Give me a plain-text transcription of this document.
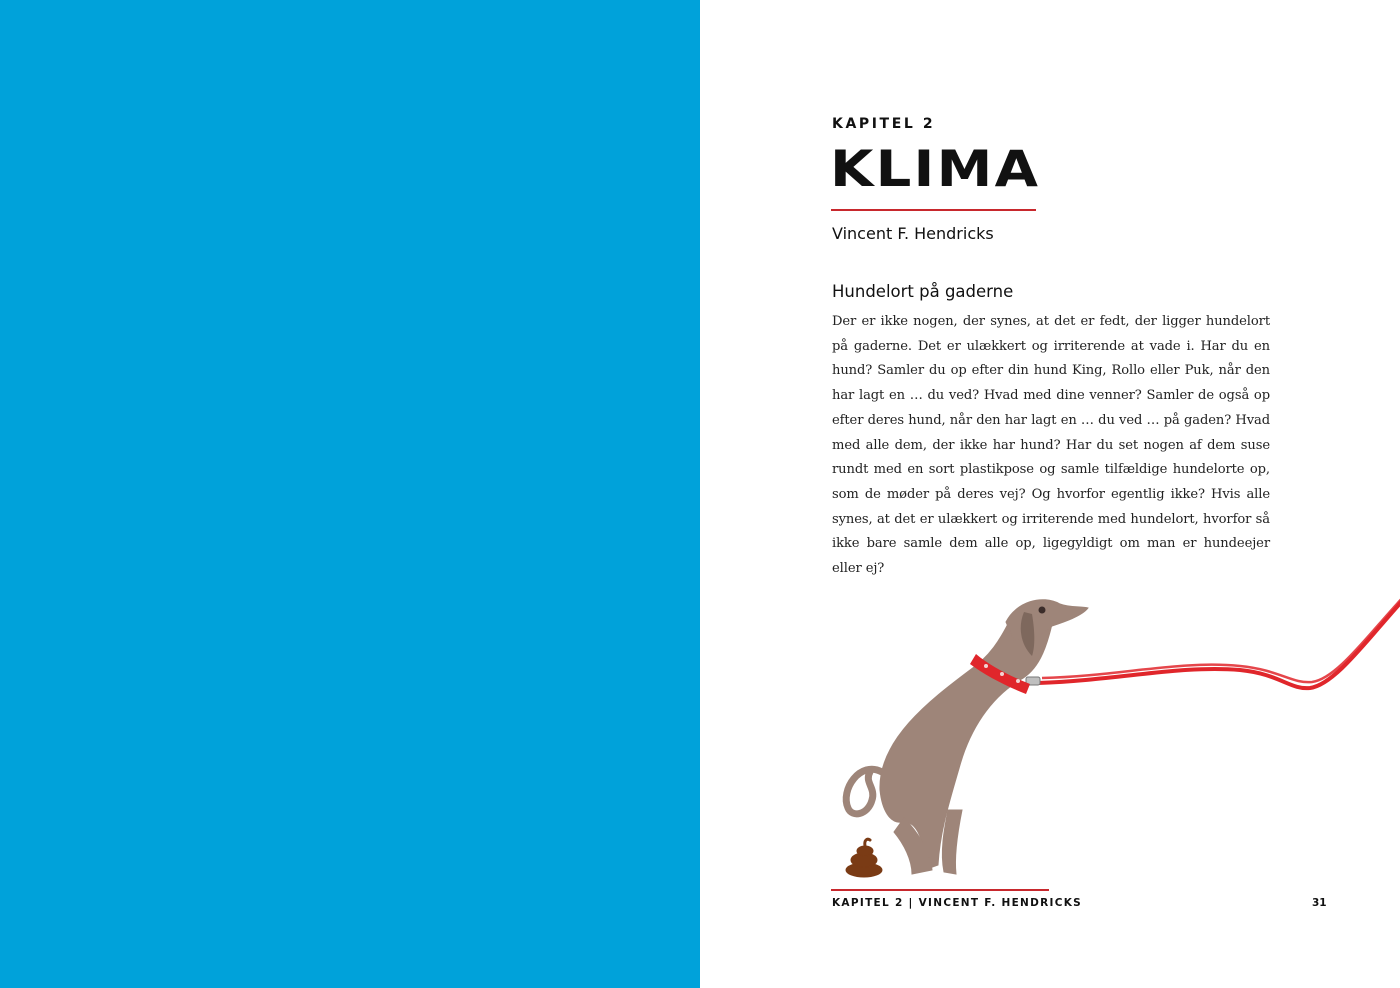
KAPITEL 2
KLIMA
Vincent F. Hendricks
Hundelort på gaderne
Der er ikke nogen, der synes, at det er fedt, der ligger hundelort på gaderne. Det er ulækkert og irriterende at vade i. Har du en hund? Samler du op efter din hund King, Rollo eller Puk, når den har lagt en … du ved? Hvad med dine venner? Samler de også op efter deres hund, når den har lagt en … du ved … på gaden? Hvad med alle dem, der ikke har hund? Har du set nogen af dem suse rundt med en sort plastikpose og samle tilfældige hundelorte op, som de møder på deres vej? Og hvorfor egentlig ikke? Hvis alle synes, at det er ulækkert og irriterende med hundelort, hvorfor så ikke bare samle dem alle op, ligegyldigt om man er hundeejer eller ej?
KAPITEL 2 | VINCENT F. HENDRICKS	31
